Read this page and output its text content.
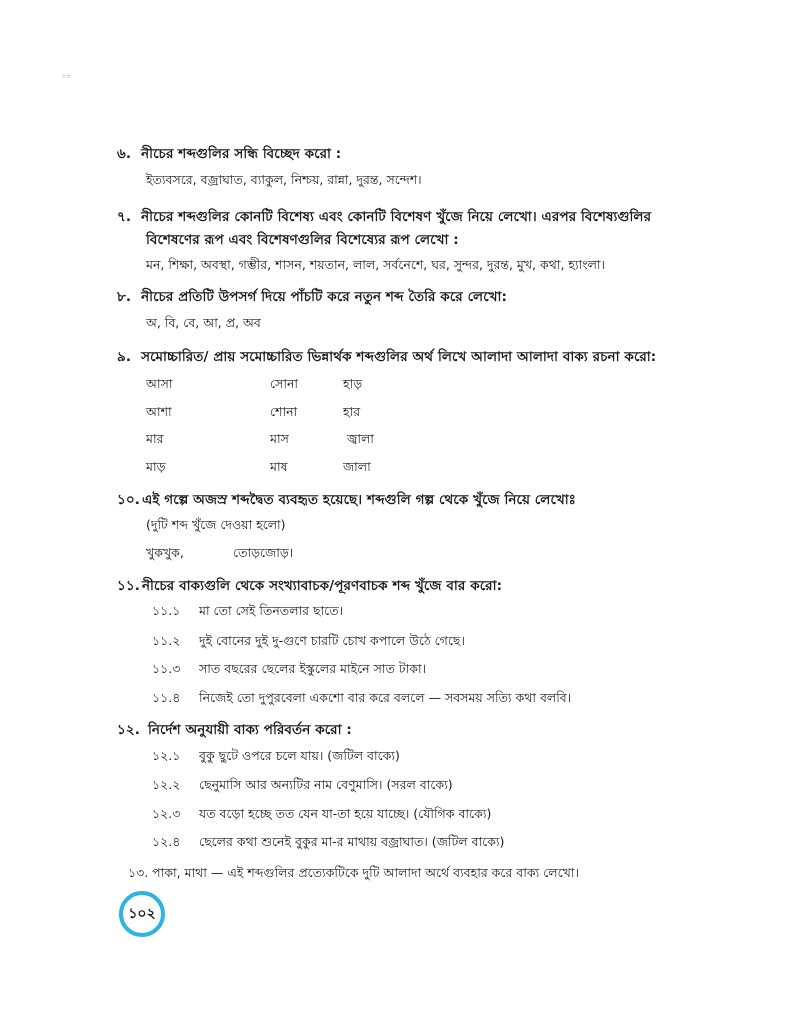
৮৮
৬. নীচের শব্দগুলির সন্ধি বিচ্ছেদ করো :
ইত্যবসরে, বজ্রাঘাত, ব্যাকুল, নিশ্চয়, রান্না, দুরন্ত, সন্দেশ।
৭. নীচের শব্দগুলির কোনটি বিশেষ্য এবং কোনটি বিশেষণ খুঁজে নিয়ে লেখো। এরপর বিশেষ্যগুলির
বিশেষণের রূপ এবং বিশেষণগুলির বিশেষ্যের রূপ লেখো :
মন, শিক্ষা, অবস্থা, গম্ভীর, শাসন, শয়তান, লাল, সর্বনেশে, ঘর, সুন্দর, দুরন্ত, মুখ, কথা, হ্যাংলা।
৮. নীচের প্রতিটি উপসর্গ দিয়ে পাঁচটি করে নতুন শব্দ তৈরি করে লেখো:
অ, বি, বে, আ, প্র, অব
৯. সমোচ্চারিত/ প্রায় সমোচ্চারিত ভিন্নার্থক শব্দগুলির অর্থ লিখে আলাদা আলাদা বাক্য রচনা করো:
আসা	সোনা	হাড়
আশা	শোনা	হার
মার	মাস	জ্বালা
মাড়	মাষ	জালা
১০. এই গল্পে অজস্র শব্দদ্বৈত ব্যবহৃত হয়েছে। শব্দগুলি গল্প থেকে খুঁজে নিয়ে লেখোঃ
(দুটি শব্দ খুঁজে দেওয়া হলো)
খুকখুক,	তোড়জোড়।
১১. নীচের বাক্যগুলি থেকে সংখ্যাবাচক/পূরণবাচক শব্দ খুঁজে বার করো:
১১.১ মা তো সেই তিনতলার ছাতে।
১১.২ দুই বোনের দুই দু-গুণে চারটি চোখ কপালে উঠে গেছে।
১১.৩ সাত বছরের ছেলের ইস্কুলের মাইনে সাত টাকা।
১১.৪ নিজেই তো দুপুরবেলা একশো বার করে বললে — সবসময় সত্যি কথা বলবি।
১২. নির্দেশ অনুযায়ী বাক্য পরিবর্তন করো :
১২.১ বুকু ছুটে ওপরে চলে যায়। (জটিল বাক্যে)
১২.২ ছেনুমাসি আর অন্যটির নাম বেণুমাসি। (সরল বাক্যে)
১২.৩ যত বড়ো হচ্ছে তত যেন যা-তা হয়ে যাচ্ছে। (যৌগিক বাক্যে)
১২.৪ ছেলের কথা শুনেই বুকুর মা-র মাথায় বজ্রাঘাত। (জটিল বাক্যে)
১৩. পাকা, মাথা — এই শব্দগুলির প্রত্যেকটিকে দুটি আলাদা অর্থে ব্যবহার করে বাক্য লেখো।
১০২
